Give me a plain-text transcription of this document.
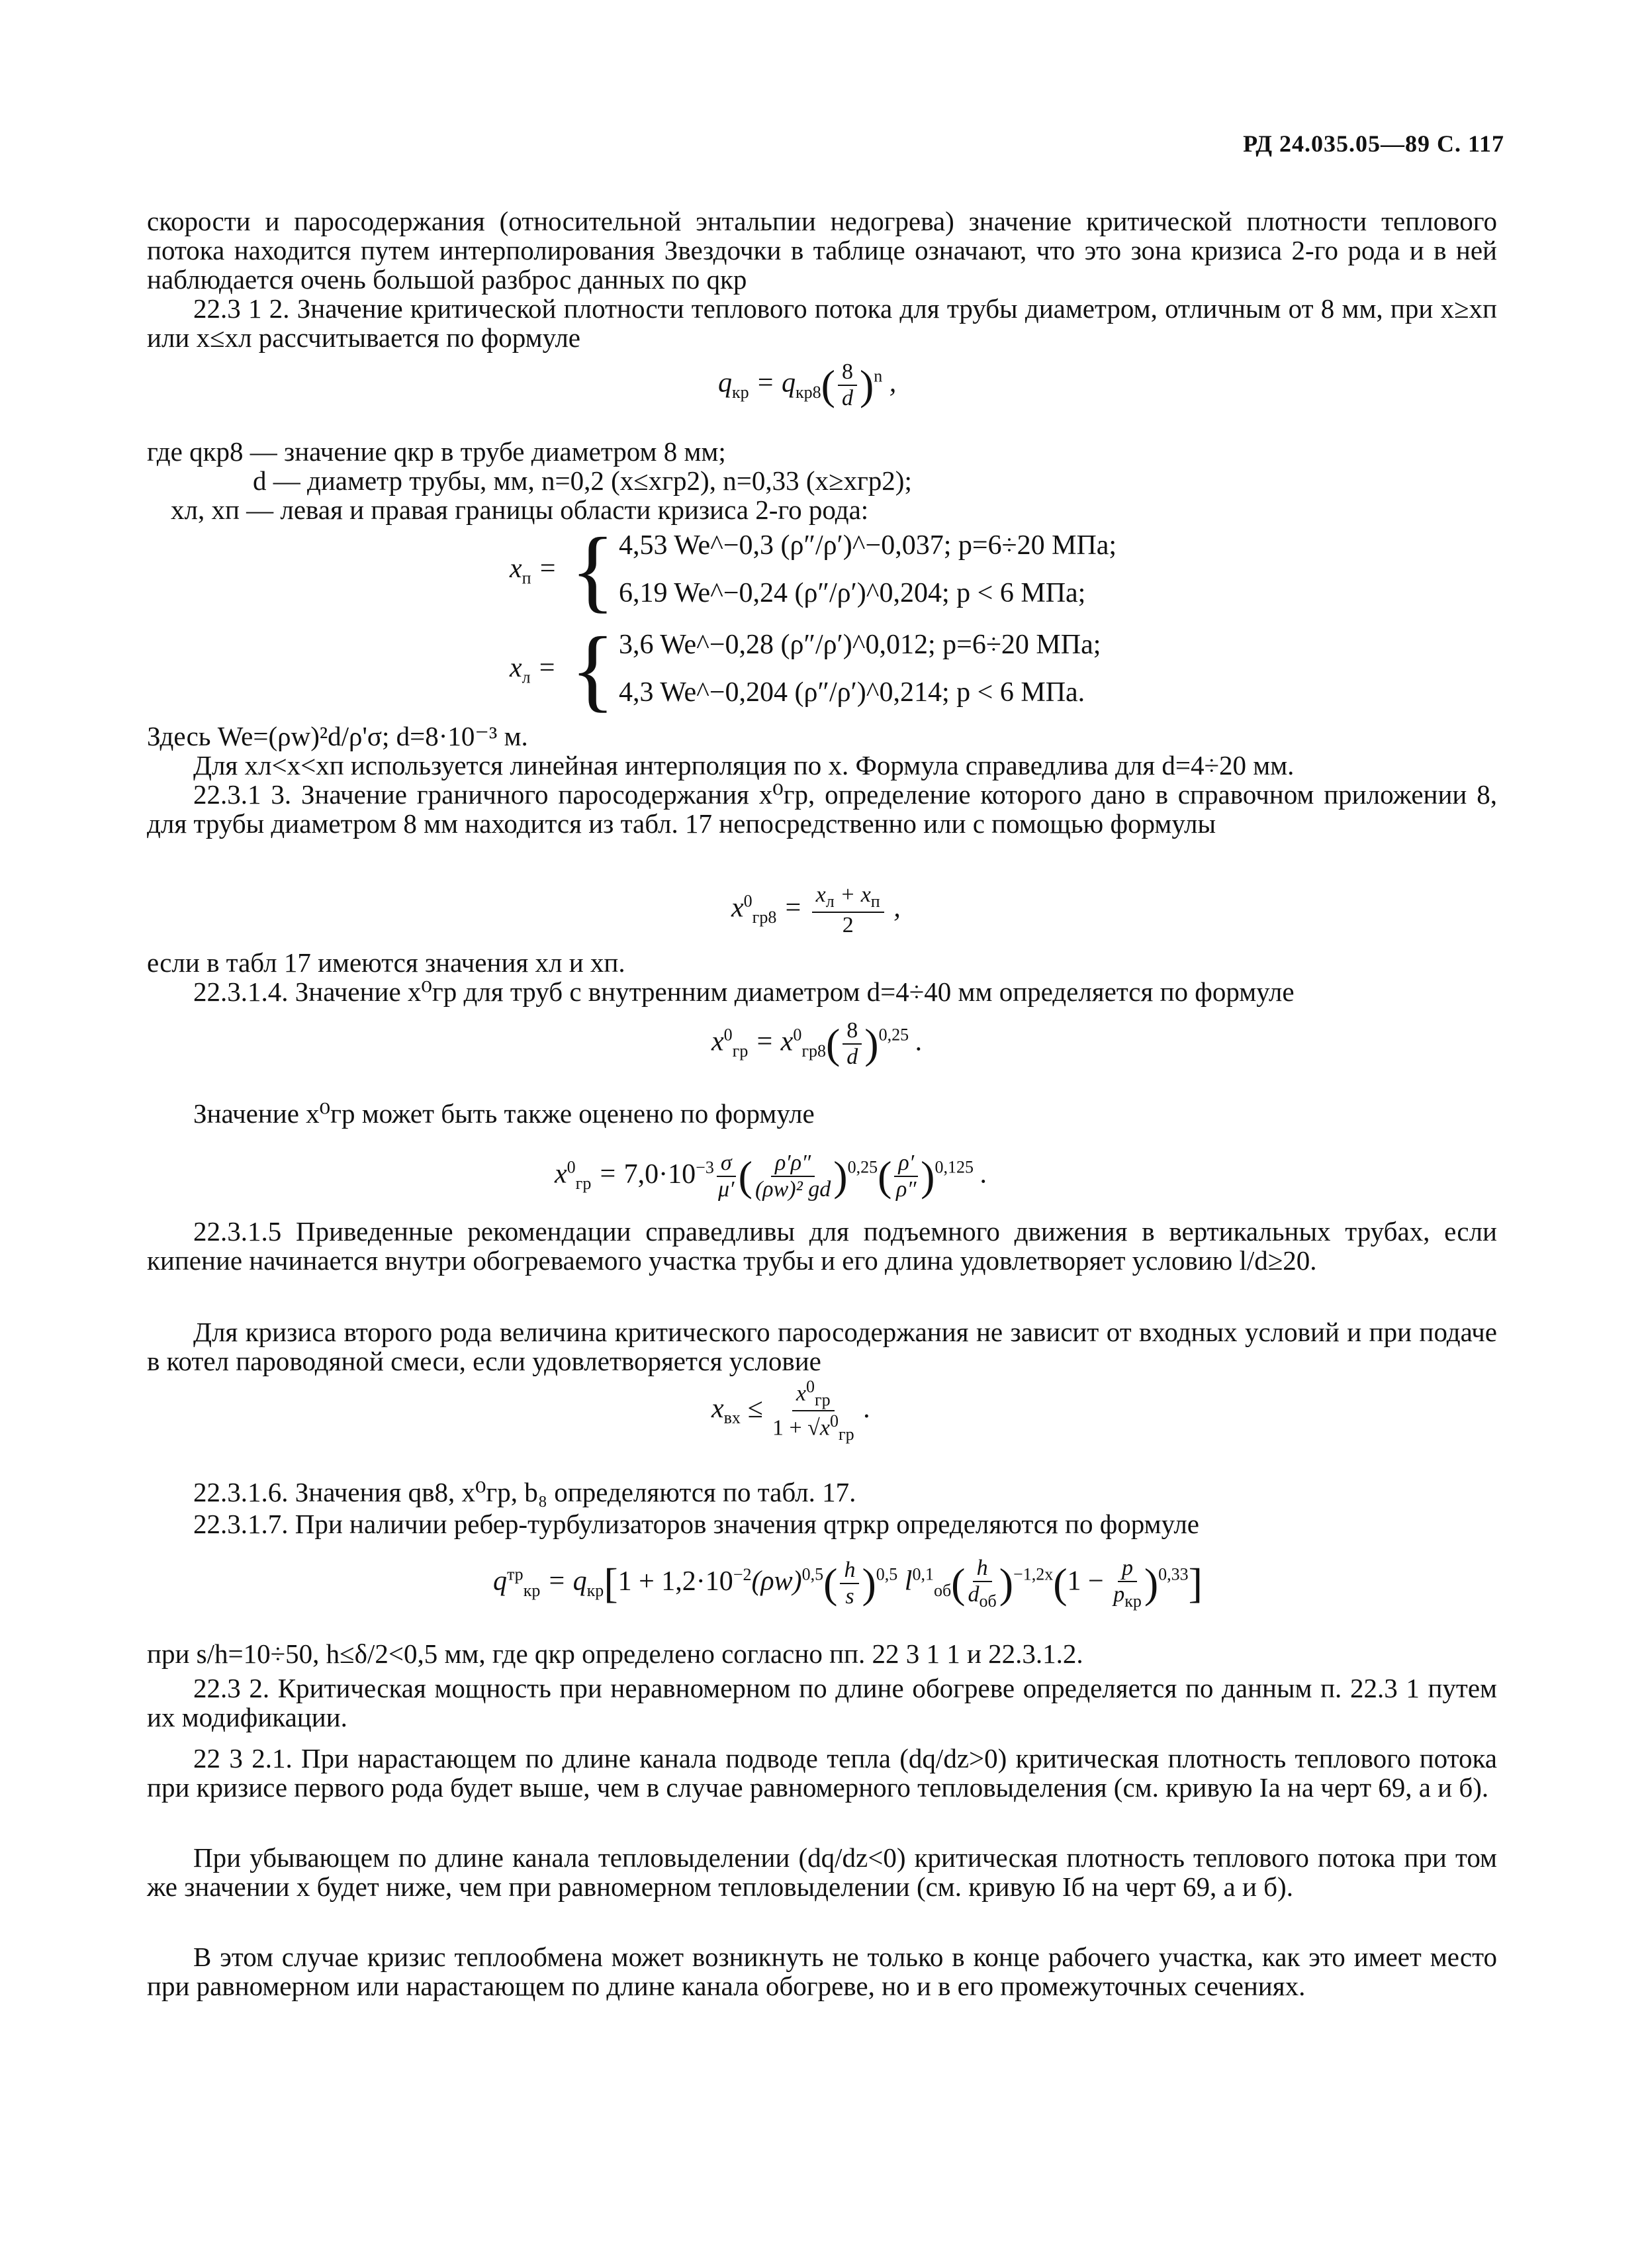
РД 24.035.05—89 С. 117
скорости и паросодержания (относительной энтальпии недогрева) значение критической плотности теплового потока находится путем интерполирования Звездочки в таблице означают, что это зона кризиса 2-го рода и в ней наблюдается очень большой разброс данных по qкр
22.3 1 2. Значение критической плотности теплового потока для трубы диаметром, отличным от 8 мм, при x≥xп или x≤xл рассчитывается по формуле
$q_{кр} = q_{кр8}( \frac{8}{d} )^n$ ,
где qкр8 — значение qкр в трубе диаметром 8 мм;
d — диаметр трубы, мм, n=0,2 (x≤xгр2), n=0,33 (x≥xгр2);
xл, xп — левая и правая границы области кризиса 2-го рода:
$x_п$ = { 4,53 We^−0,3 (ρ″/ρ′)^−0,037; p=6÷20 МПа;
6,19 We^−0,24 (ρ″/ρ′)^0,204; p < 6 МПа;
$x_л$ = { 3,6 We^−0,28 (ρ″/ρ′)^0,012; p=6÷20 МПа;
4,3 We^−0,204 (ρ″/ρ′)^0,214; p < 6 МПа.
Здесь We=(ρw)²d/ρ'σ; d=8·10⁻³ м.
Для xл<x<xп используется линейная интерполяция по x. Формула справедлива для d=4÷20 мм.
22.3.1 3. Значение граничного паросодержания x⁰гр, определение которого дано в справочном приложении 8, для трубы диаметром 8 мм находится из табл. 17 непосредственно или с помощью формулы
$x^0_{гр8} = \frac{x_л + x_п}{2}$ ,
если в табл 17 имеются значения xл и xп.
22.3.1.4. Значение x⁰гр для труб с внутренним диаметром d=4÷40 мм определяется по формуле
$x^0_{гр} = x^0_{гр8}( \frac{8}{d} )^{0,25}$ .
Значение x⁰гр может быть также оценено по формуле
$x^0_{гр} = 7,0\cdot 10^{-3} \frac{\sigma}{\mu'}$ ( $\frac{\rho'\rho''}{\text{(ρw)² gd}} )^{0,25}( \frac{\rho'}{\rho''} )^{0,125}$ .
22.3.1.5 Приведенные рекомендации справедливы для подъемного движения в вертикальных трубах, если кипение начинается внутри обогреваемого участка трубы и его длина удовлетворяет условию l/d≥20.
Для кризиса второго рода величина критического паросодержания не зависит от входных условий и при подаче в котел пароводяной смеси, если удовлетворяется условие
$x_{вх} \le \frac{x^0_{гр}}{1 + √x^0_{гр}}$ .
22.3.1.6. Значения qв8, x⁰гр, b₈ определяются по табл. 17.
22.3.1.7. При наличии ребер-турбулизаторов значения qтркр определяются по формуле
$q^{тр}_{кр} = q_{кр}[1 + 1,2\cdot 10^{-2}(\rho w)^{0,5}( \frac{h}{s} )^{0,5}$ $l^{0,1}_{об}( \frac{h}{d_{об}} )^{-1,2x}(1 - \frac{p}{p_{кр}} )^{0,33}$]
при s/h=10÷50, h≤δ/2<0,5 мм, где qкр определено согласно пп. 22 3 1 1 и 22.3.1.2.
22.3 2. Критическая мощность при неравномерном по длине обогреве определяется по данным п. 22.3 1 путем их модификации.
22 3 2.1. При нарастающем по длине канала подводе тепла (dq/dz>0) критическая плотность теплового потока при кризисе первого рода будет выше, чем в случае равномерного тепловыделения (см. кривую Iа на черт 69, а и б).
При убывающем по длине канала тепловыделении (dq/dz<0) критическая плотность теплового потока при том же значении x будет ниже, чем при равномерном тепловыделении (см. кривую Iб на черт 69, а и б).
В этом случае кризис теплообмена может возникнуть не только в конце рабочего участка, как это имеет место при равномерном или нарастающем по длине канала обогреве, но и в его промежуточных сечениях.
